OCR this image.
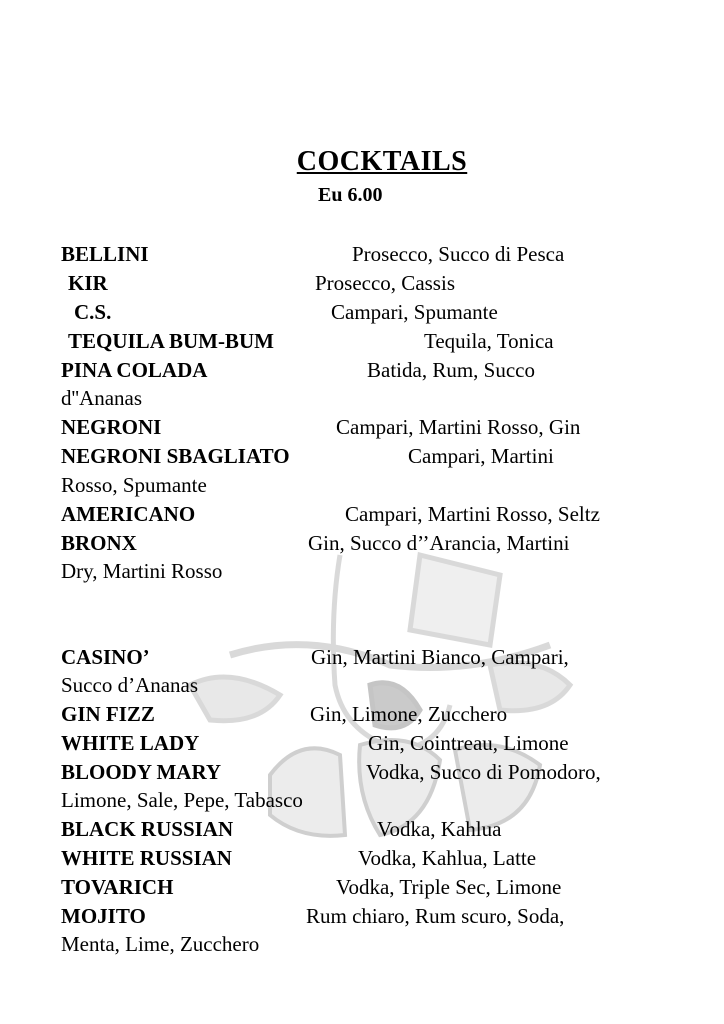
COCKTAILS
Eu 6.00
BELLINI	Prosecco, Succo di Pesca
KIR	Prosecco, Cassis
C.S.	Campari, Spumante
TEQUILA BUM-BUM	Tequila, Tonica
PINA COLADA	Batida, Rum, Succo
d''Ananas
NEGRONI	Campari, Martini Rosso, Gin
NEGRONI SBAGLIATO	Campari, Martini
Rosso, Spumante
AMERICANO	Campari, Martini Rosso, Seltz
BRONX	Gin, Succo d’’Arancia, Martini
Dry, Martini Rosso
CASINO’	Gin, Martini Bianco, Campari,
Succo d’Ananas
GIN FIZZ	Gin, Limone, Zucchero
WHITE LADY	Gin, Cointreau, Limone
BLOODY MARY	Vodka, Succo di Pomodoro,
Limone, Sale, Pepe, Tabasco
BLACK RUSSIAN	Vodka, Kahlua
WHITE RUSSIAN	Vodka, Kahlua, Latte
TOVARICH	Vodka, Triple Sec, Limone
MOJITO	Rum chiaro, Rum scuro, Soda,
Menta, Lime, Zucchero
